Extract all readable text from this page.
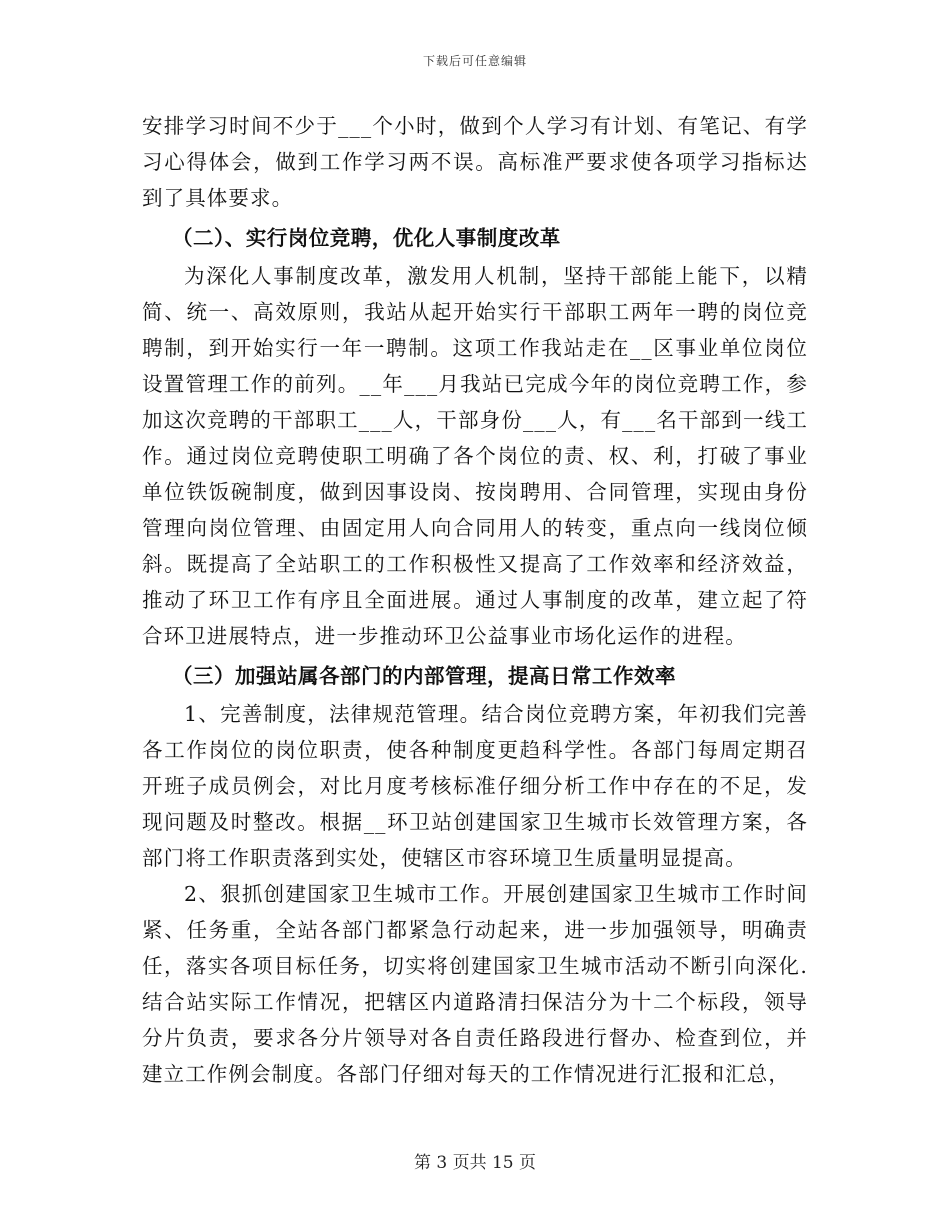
下载后可任意编辑

安排学习时间不少于___个小时，做到个人学习有计划、有笔记、有学习心得体会，做到工作学习两不误。高标准严要求使各项学习指标达到了具体要求。

（二）、实行岗位竞聘，优化人事制度改革

为深化人事制度改革，激发用人机制，坚持干部能上能下，以精简、统一、高效原则，我站从起开始实行干部职工两年一聘的岗位竞聘制，到开始实行一年一聘制。这项工作我站走在__区事业单位岗位设置管理工作的前列。__年___月我站已完成今年的岗位竞聘工作，参加这次竞聘的干部职工___人，干部身份___人，有___名干部到一线工作。通过岗位竞聘使职工明确了各个岗位的责、权、利，打破了事业单位铁饭碗制度，做到因事设岗、按岗聘用、合同管理，实现由身份管理向岗位管理、由固定用人向合同用人的转变，重点向一线岗位倾斜。既提高了全站职工的工作积极性又提高了工作效率和经济效益，推动了环卫工作有序且全面进展。通过人事制度的改革，建立起了符合环卫进展特点，进一步推动环卫公益事业市场化运作的进程。

（三）加强站属各部门的内部管理，提高日常工作效率

1、完善制度，法律规范管理。结合岗位竞聘方案，年初我们完善各工作岗位的岗位职责，使各种制度更趋科学性。各部门每周定期召开班子成员例会，对比月度考核标准仔细分析工作中存在的不足，发现问题及时整改。根据__环卫站创建国家卫生城市长效管理方案，各部门将工作职责落到实处，使辖区市容环境卫生质量明显提高。

2、狠抓创建国家卫生城市工作。开展创建国家卫生城市工作时间紧、任务重，全站各部门都紧急行动起来，进一步加强领导，明确责任，落实各项目标任务，切实将创建国家卫生城市活动不断引向深化.结合站实际工作情况，把辖区内道路清扫保洁分为十二个标段，领导分片负责，要求各分片领导对各自责任路段进行督办、检查到位，并建立工作例会制度。各部门仔细对每天的工作情况进行汇报和汇总，

第 3 页共 15 页
